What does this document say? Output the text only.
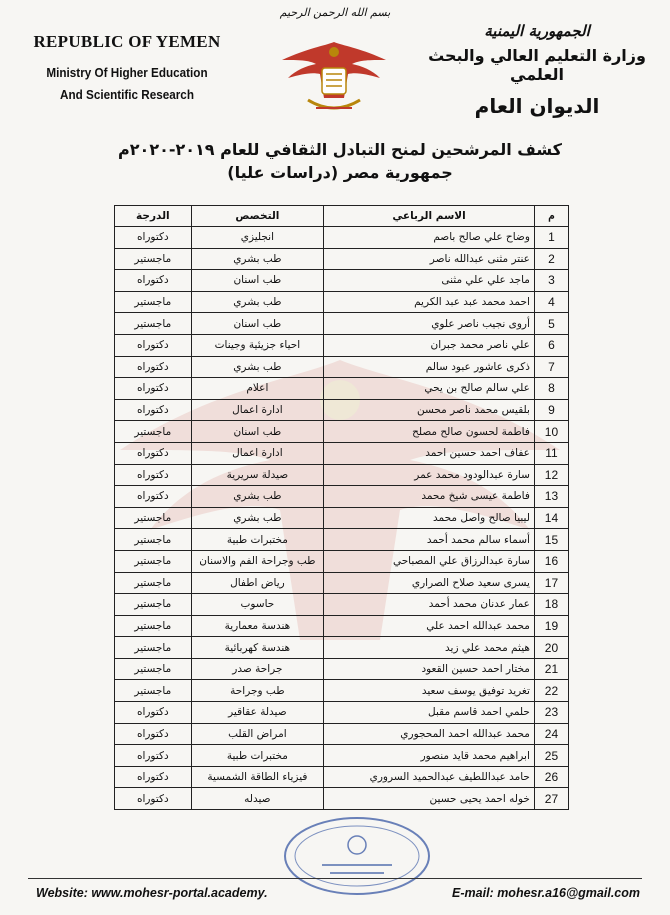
REPUBLIC OF YEMEN
Ministry Of Higher Education
And Scientific Research
بسم الله الرحمن الرحيم
الجمهورية اليمنية
وزارة التعليم العالي والبحث العلمي
الديوان العام
كشف المرشحين لمنح التبادل الثقافي للعام ٢٠١٩-٢٠٢٠م
جمهورية مصر (دراسات عليا)
م	الاسم الرباعي	التخصص	الدرجة
1	وضاح علي صالح باصم	انجليزي	دكتوراه
2	عنتر مثنى عبدالله ناصر	طب بشري	ماجستير
3	ماجد علي علي مثنى	طب اسنان	دكتوراه
4	احمد محمد عبد عبد الكريم	طب بشري	ماجستير
5	أروى نجيب ناصر علوي	طب اسنان	ماجستير
6	علي ناصر محمد جبران	احياء جزيئية وجينات	دكتوراه
7	ذكرى عاشور عبود سالم	طب بشري	دكتوراه
8	علي سالم صالح بن يحي	اعلام	دكتوراه
9	بلقيس محمد ناصر محسن	ادارة اعمال	دكتوراه
10	فاطمة لحسون صالح مصلح	طب اسنان	ماجستير
11	عفاف احمد حسين احمد	ادارة اعمال	دكتوراه
12	سارة عبدالودود محمد عمر	صيدلة سريرية	دكتوراه
13	فاطمة عيسى شيخ محمد	طب بشري	دكتوراه
14	ليبيا صالح واصل محمد	طب بشري	ماجستير
15	أسماء سالم محمد أحمد	مختبرات طبية	ماجستير
16	سارة عبدالرزاق علي المصباحي	طب وجراحة الفم والاسنان	ماجستير
17	يسرى سعيد صلاح الصراري	رياض اطفال	ماجستير
18	عمار عدنان محمد أحمد	حاسوب	ماجستير
19	محمد عبدالله احمد علي	هندسة معمارية	ماجستير
20	هيثم محمد علي زيد	هندسة كهربائية	ماجستير
21	مختار احمد حسين القعود	جراحة صدر	ماجستير
22	تغريد توفيق يوسف سعيد	طب وجراحة	ماجستير
23	حلمي احمد قاسم مقبل	صيدلة عقاقير	دكتوراه
24	محمد عبدالله احمد المحجوري	امراض القلب	دكتوراه
25	ابراهيم محمد قايد منصور	مختبرات طبية	دكتوراه
26	حامد عبداللطيف عبدالحميد السروري	فيزياء الطاقة الشمسية	دكتوراه
27	خوله احمد يحيى حسين	صيدله	دكتوراه
Website: www.mohesr-portal.academy.	E-mail: mohesr.a16@gmail.com
